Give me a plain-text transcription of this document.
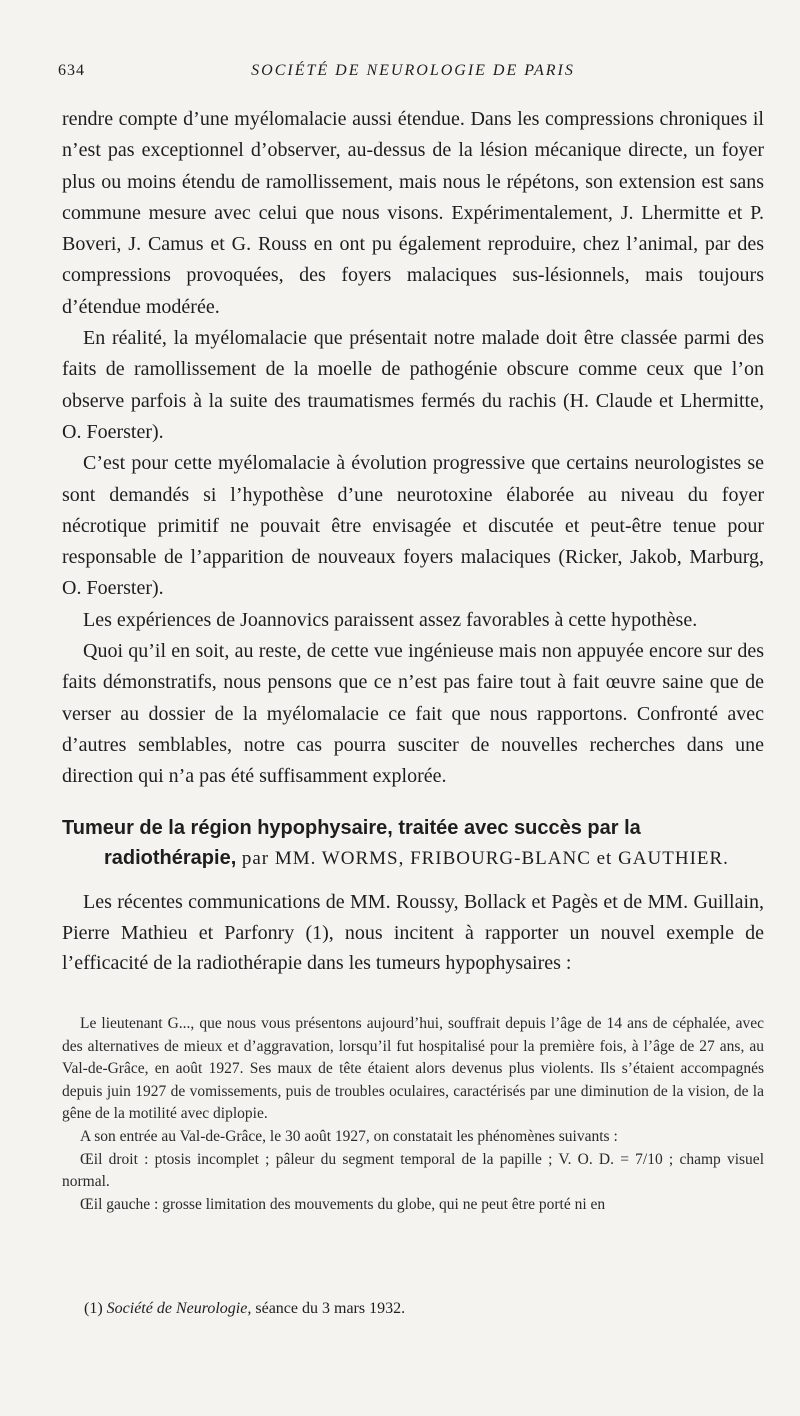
634	SOCIÉTÉ DE NEUROLOGIE DE PARIS

rendre compte d’une myélomalacie aussi étendue. Dans les compressions chroniques il n’est pas exceptionnel d’observer, au-dessus de la lésion mécanique directe, un foyer plus ou moins étendu de ramollissement, mais nous le répétons, son extension est sans commune mesure avec celui que nous visons. Expérimentalement, J. Lhermitte et P. Boveri, J. Camus et G. Rouss en ont pu également reproduire, chez l’animal, par des compressions provoquées, des foyers malaciques sus-lésionnels, mais toujours d’étendue modérée.

En réalité, la myélomalacie que présentait notre malade doit être classée parmi des faits de ramollissement de la moelle de pathogénie obscure comme ceux que l’on observe parfois à la suite des traumatismes fermés du rachis (H. Claude et Lhermitte, O. Foerster).

C’est pour cette myélomalacie à évolution progressive que certains neurologistes se sont demandés si l’hypothèse d’une neurotoxine élaborée au niveau du foyer nécrotique primitif ne pouvait être envisagée et discutée et peut-être tenue pour responsable de l’apparition de nouveaux foyers malaciques (Ricker, Jakob, Marburg, O. Foerster).

Les expériences de Joannovics paraissent assez favorables à cette hypothèse.

Quoi qu’il en soit, au reste, de cette vue ingénieuse mais non appuyée encore sur des faits démonstratifs, nous pensons que ce n’est pas faire tout à fait œuvre saine que de verser au dossier de la myélomalacie ce fait que nous rapportons. Confronté avec d’autres semblables, notre cas pourra susciter de nouvelles recherches dans une direction qui n’a pas été suffisamment explorée.

Tumeur de la région hypophysaire, traitée avec succès par la
radiothérapie, par MM. WORMS, FRIBOURG-BLANC et GAUTHIER.

Les récentes communications de MM. Roussy, Bollack et Pagès et de MM. Guillain, Pierre Mathieu et Parfonry (1), nous incitent à rapporter un nouvel exemple de l’efficacité de la radiothérapie dans les tumeurs hypophysaires :

Le lieutenant G..., que nous vous présentons aujourd’hui, souffrait depuis l’âge de 14 ans de céphalée, avec des alternatives de mieux et d’aggravation, lorsqu’il fut hospitalisé pour la première fois, à l’âge de 27 ans, au Val-de-Grâce, en août 1927. Ses maux de tête étaient alors devenus plus violents. Ils s’étaient accompagnés depuis juin 1927 de vomissements, puis de troubles oculaires, caractérisés par une diminution de la vision, de la gêne de la motilité avec diplopie.

A son entrée au Val-de-Grâce, le 30 août 1927, on constatait les phénomènes suivants :

Œil droit : ptosis incomplet ; pâleur du segment temporal de la papille ; V. O. D. = 7/10 ; champ visuel normal.

Œil gauche : grosse limitation des mouvements du globe, qui ne peut être porté ni en

(1) Société de Neurologie, séance du 3 mars 1932.
